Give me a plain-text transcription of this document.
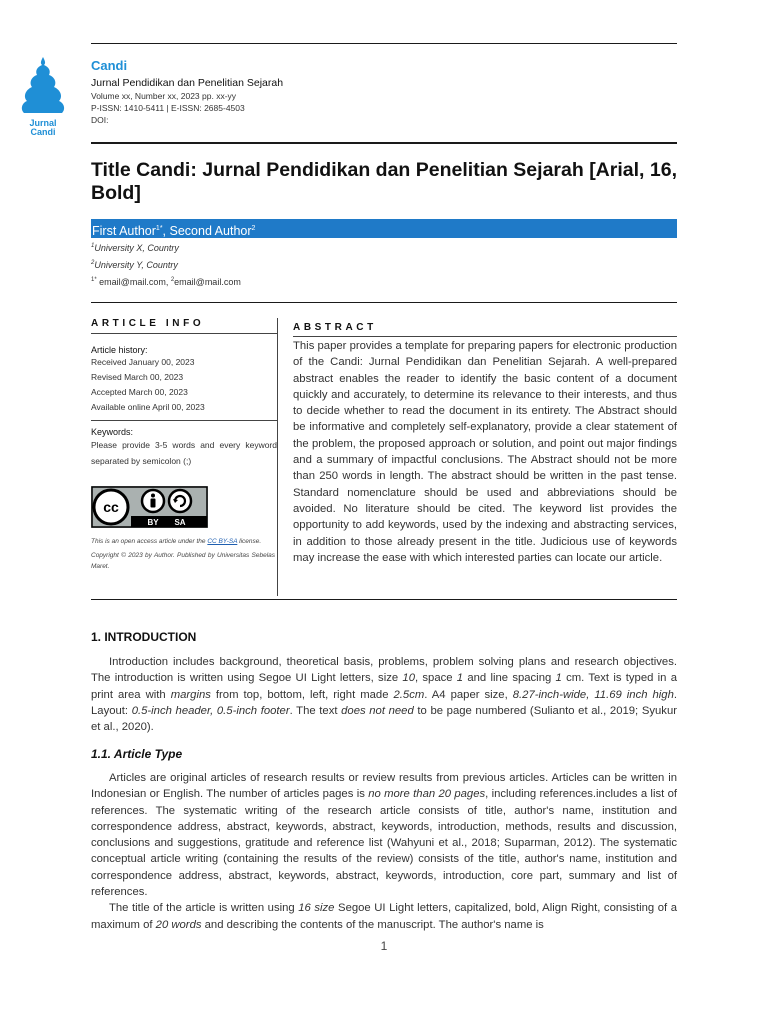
Jurnal
Candi
Candi
Jurnal Pendidikan dan Penelitian Sejarah
Volume xx, Number xx, 2023 pp. xx-yy
P-ISSN: 1410-5411 | E-ISSN: 2685-4503
DOI:
Title Candi: Jurnal Pendidikan dan Penelitian Sejarah [Arial, 16, Bold]
First Author$^{1*}$, Second Author$^2$
$^1$University X, Country
$^2$University Y, Country
$^{1*}$ email@mail.com, $^2$email@mail.com
ARTICLE INFO
Article history:
Received January 00, 2023
Revised March 00, 2023
Accepted March 00, 2023
Available online April 00, 2023
Keywords:
Please provide 3-5 words and every keyword separated by semicolon (;)
cc
BY SA
This is an open access article under the CC BY-SA license.
Copyright © 2023 by Author. Published by Universitas Sebelas Maret.
ABSTRACT
This paper provides a template for preparing papers for electronic production of the Candi: Jurnal Pendidikan dan Penelitian Sejarah. A well-prepared abstract enables the reader to identify the basic content of a document quickly and accurately, to determine its relevance to their interests, and thus to decide whether to read the document in its entirety. The Abstract should be informative and completely self-explanatory, provide a clear statement of the problem, the proposed approach or solution, and point out major findings and a summary of impactful conclusions. The Abstract should not be more than 250 words in length. The abstract should be written in the past tense. Standard nomenclature should be used and abbreviations should be avoided. No literature should be cited. The keyword list provides the opportunity to add keywords, used by the indexing and abstracting services, in addition to those already present in the title. Judicious use of keywords may increase the ease with which interested parties can locate our article.
1. INTRODUCTION

Introduction includes background, theoretical basis, problems, problem solving plans and research objectives. The introduction is written using Segoe UI Light letters, size 10, space 1 and line spacing 1 cm. Text is typed in a print area with margins from top, bottom, left, right made 2.5cm. A4 paper size, 8.27-inch-wide, 11.69 inch high. Layout: 0.5-inch header, 0.5-inch footer. The text does not need to be page numbered (Sulianto et al., 2019; Syukur et al., 2020).

1.1. Article Type

Articles are original articles of research results or review results from previous articles. Articles can be written in Indonesian or English. The number of articles pages is no more than 20 pages, including references.includes a list of references. The systematic writing of the research article consists of title, author's name, institution and correspondence address, abstract, keywords, abstract, keywords, introduction, methods, results and discussion, conclusions and suggestions, gratitude and reference list (Wahyuni et al., 2018; Suparman, 2012). The systematic conceptual article writing (containing the results of the review) consists of the title, author's name, institution and correspondence address, abstract, keywords, abstract, keywords, introduction, core part, summary and list of references.

The title of the article is written using 16 size Segoe UI Light letters, capitalized, bold, Align Right, consisting of a maximum of 20 words and describing the contents of the manuscript. The author's name is

1
